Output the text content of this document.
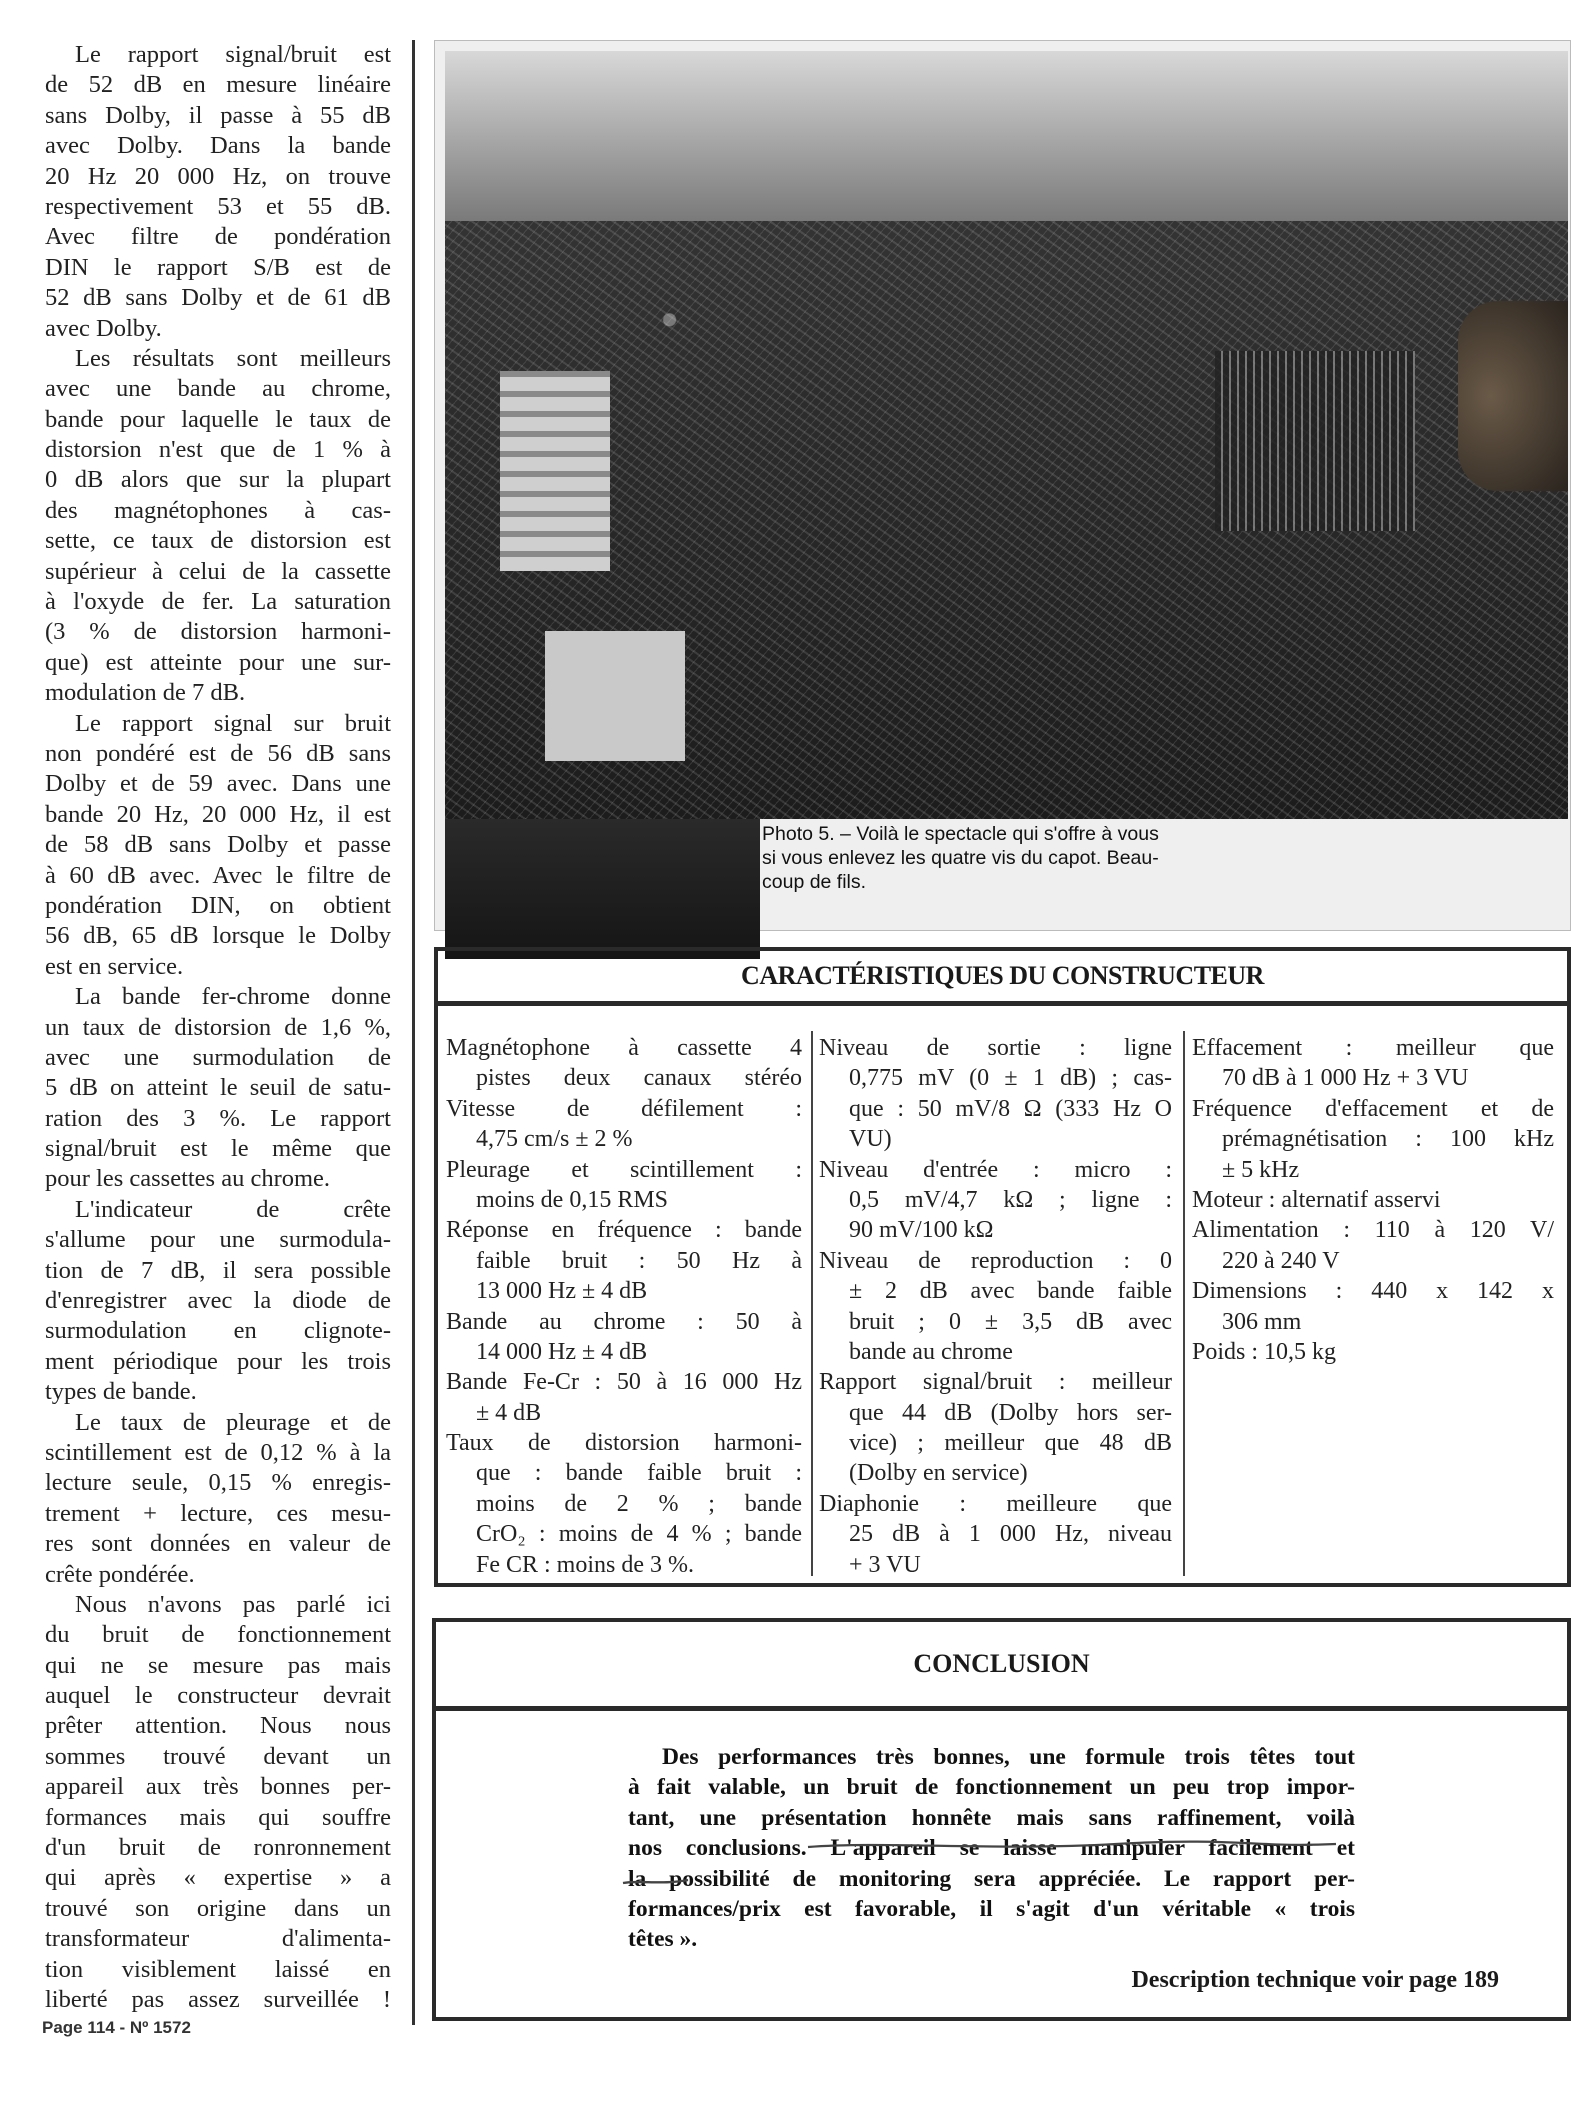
Le rapport signal/bruit est
de 52 dB en mesure linéaire
sans Dolby, il passe à 55 dB
avec Dolby. Dans la bande
20 Hz 20 000 Hz, on trouve
respectivement 53 et 55 dB.
Avec filtre de pondération
DIN le rapport S/B est de
52 dB sans Dolby et de 61 dB
avec Dolby.
Les résultats sont meilleurs
avec une bande au chrome,
bande pour laquelle le taux de
distorsion n'est que de 1 % à
0 dB alors que sur la plupart
des magnétophones à cas-
sette, ce taux de distorsion est
supérieur à celui de la cassette
à l'oxyde de fer. La saturation
(3 % de distorsion harmoni-
que) est atteinte pour une sur-
modulation de 7 dB.
Le rapport signal sur bruit
non pondéré est de 56 dB sans
Dolby et de 59 avec. Dans une
bande 20 Hz, 20 000 Hz, il est
de 58 dB sans Dolby et passe
à 60 dB avec. Avec le filtre de
pondération DIN, on obtient
56 dB, 65 dB lorsque le Dolby
est en service.
La bande fer-chrome donne
un taux de distorsion de 1,6 %,
avec une surmodulation de
5 dB on atteint le seuil de satu-
ration des 3 %. Le rapport
signal/bruit est le même que
pour les cassettes au chrome.
L'indicateur de crête
s'allume pour une surmodula-
tion de 7 dB, il sera possible
d'enregistrer avec la diode de
surmodulation en clignote-
ment périodique pour les trois
types de bande.
Le taux de pleurage et de
scintillement est de 0,12 % à la
lecture seule, 0,15 % enregis-
trement + lecture, ces mesu-
res sont données en valeur de
crête pondérée.
Nous n'avons pas parlé ici
du bruit de fonctionnement
qui ne se mesure pas mais
auquel le constructeur devrait
prêter attention. Nous nous
sommes trouvé devant un
appareil aux très bonnes per-
formances mais qui souffre
d'un bruit de ronronnement
qui après « expertise » a
trouvé son origine dans un
transformateur d'alimenta-
tion visiblement laissé en
liberté pas assez surveillée !
Photo 5. – Voilà le spectacle qui s'offre à vous
si vous enlevez les quatre vis du capot. Beau-
coup de fils.
CARACTÉRISTIQUES DU CONSTRUCTEUR
Magnétophone à cassette 4
pistes deux canaux stéréo
Vitesse de défilement :
4,75 cm/s ± 2 %
Pleurage et scintillement :
moins de 0,15 RMS
Réponse en fréquence : bande
faible bruit : 50 Hz à
13 000 Hz ± 4 dB
Bande au chrome : 50 à
14 000 Hz ± 4 dB
Bande Fe-Cr : 50 à 16 000 Hz
± 4 dB
Taux de distorsion harmoni-
que : bande faible bruit :
moins de 2 % ; bande
CrO₂ : moins de 4 % ; bande
Fe CR : moins de 3 %.
Niveau de sortie : ligne
0,775 mV (0 ± 1 dB) ; cas-
que : 50 mV/8 Ω (333 Hz O
VU)
Niveau d'entrée : micro :
0,5 mV/4,7 kΩ ; ligne :
90 mV/100 kΩ
Niveau de reproduction : 0
± 2 dB avec bande faible
bruit ; 0 ± 3,5 dB avec
bande au chrome
Rapport signal/bruit : meilleur
que 44 dB (Dolby hors ser-
vice) ; meilleur que 48 dB
(Dolby en service)
Diaphonie : meilleure que
25 dB à 1 000 Hz, niveau
+ 3 VU
Effacement : meilleur que
70 dB à 1 000 Hz + 3 VU
Fréquence d'effacement et de
prémagnétisation : 100 kHz
± 5 kHz
Moteur : alternatif asservi
Alimentation : 110 à 120 V/
220 à 240 V
Dimensions : 440 x 142 x
306 mm
Poids : 10,5 kg
CONCLUSION
Des performances très bonnes, une formule trois têtes tout
à fait valable, un bruit de fonctionnement un peu trop impor-
tant, une présentation honnête mais sans raffinement, voilà
nos conclusions. L'appareil se laisse manipuler facilement et
la possibilité de monitoring sera appréciée. Le rapport per-
formances/prix est favorable, il s'agit d'un véritable « trois
têtes ».
Description technique voir page 189
Page 114 - Nº 1572
